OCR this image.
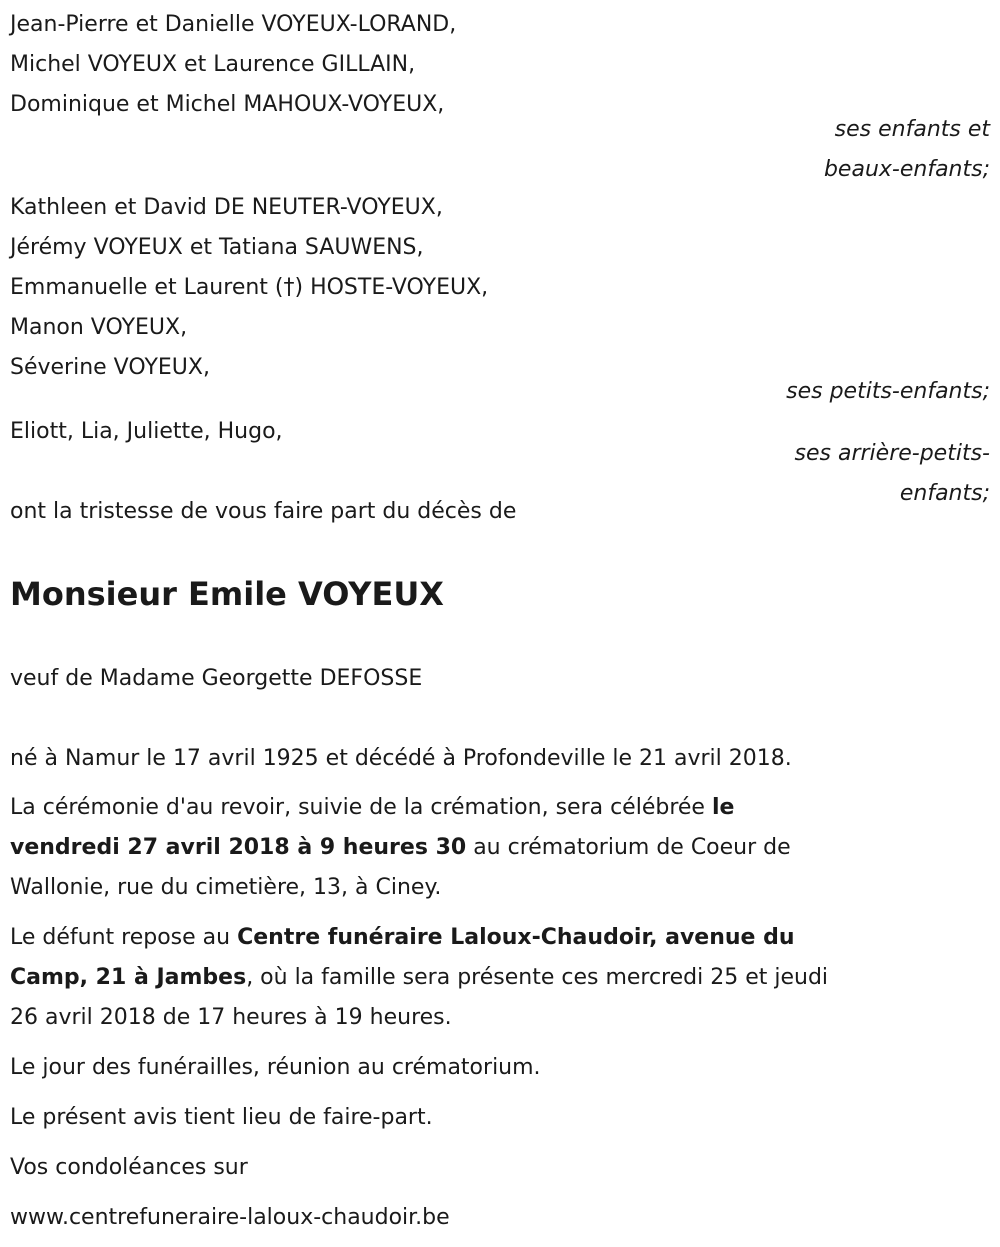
Jean-Pierre et Danielle VOYEUX-LORAND,
Michel VOYEUX et Laurence GILLAIN,
Dominique et Michel MAHOUX-VOYEUX,
ses enfants et
beaux-enfants;
Kathleen et David DE NEUTER-VOYEUX,
Jérémy VOYEUX et Tatiana SAUWENS,
Emmanuelle et Laurent (†) HOSTE-VOYEUX,
Manon VOYEUX,
Séverine VOYEUX,
ses petits-enfants;
Eliott, Lia, Juliette, Hugo,
ses arrière-petits-
enfants;
ont la tristesse de vous faire part du décès de
Monsieur Emile VOYEUX
veuf de Madame Georgette DEFOSSE
né à Namur le 17 avril 1925 et décédé à Profondeville le 21 avril 2018.
La cérémonie d'au revoir, suivie de la crémation, sera célébrée le
vendredi 27 avril 2018 à 9 heures 30 au crématorium de Coeur de
Wallonie, rue du cimetière, 13, à Ciney.
Le défunt repose au Centre funéraire Laloux-Chaudoir, avenue du
Camp, 21 à Jambes, où la famille sera présente ces mercredi 25 et jeudi
26 avril 2018 de 17 heures à 19 heures.
Le jour des funérailles, réunion au crématorium.
Le présent avis tient lieu de faire-part.
Vos condoléances sur
www.centrefuneraire-laloux-chaudoir.be
